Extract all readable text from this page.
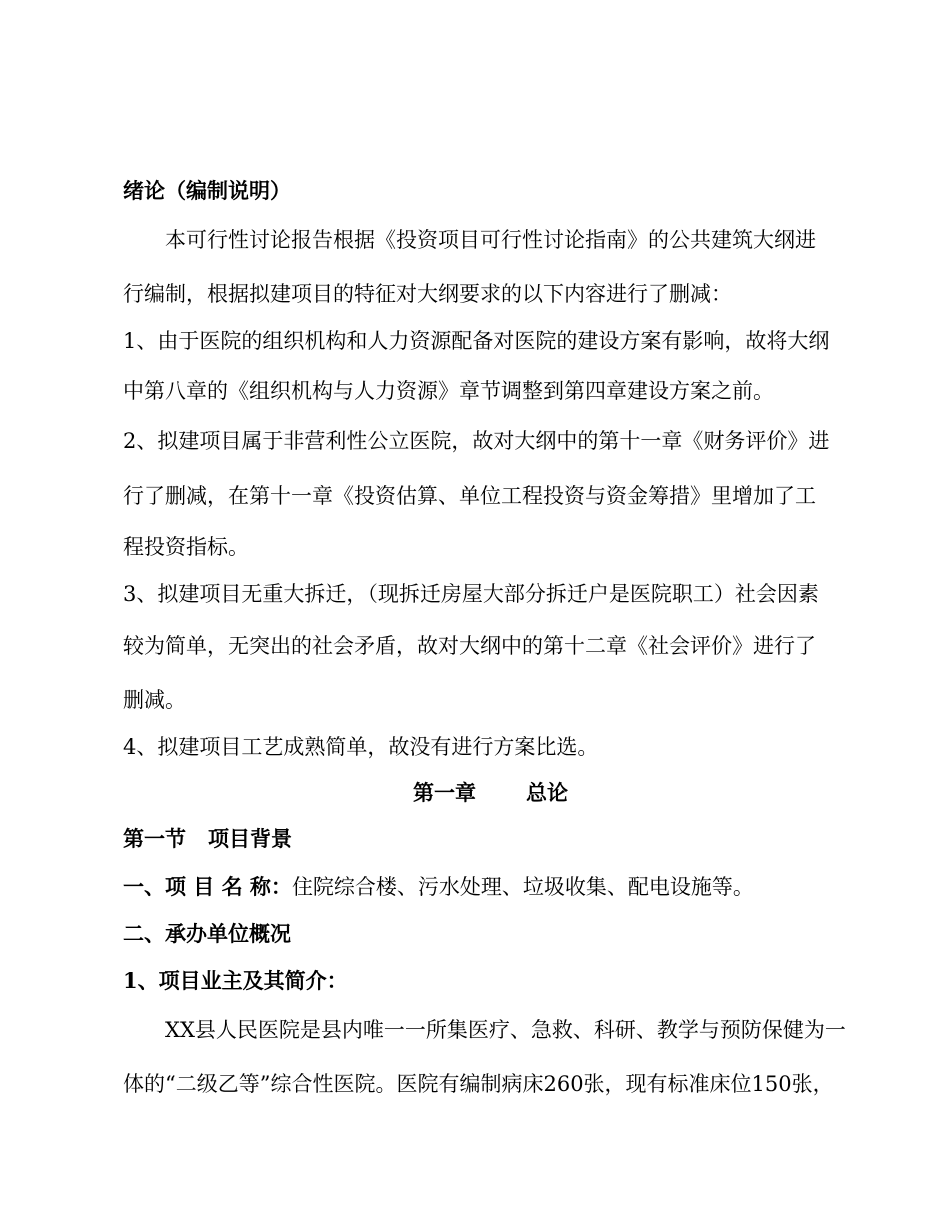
绪论（编制说明）
本可行性讨论报告根据《投资项目可行性讨论指南》的公共建筑大纲进
行编制，根据拟建项目的特征对大纲要求的以下内容进行了删减：
1、由于医院的组织机构和人力资源配备对医院的建设方案有影响，故将大纲
中第八章的《组织机构与人力资源》章节调整到第四章建设方案之前。
2、拟建项目属于非营利性公立医院，故对大纲中的第十一章《财务评价》进
行了删减，在第十一章《投资估算、单位工程投资与资金筹措》里增加了工
程投资指标。
3、拟建项目无重大拆迁，（现拆迁房屋大部分拆迁户是医院职工）社会因素
较为简单，无突出的社会矛盾，故对大纲中的第十二章《社会评价》进行了
删减。
4、拟建项目工艺成熟简单，故没有进行方案比选。
第一章 总论
第一节 项目背景
一、项 目 名 称：住院综合楼、污水处理、垃圾收集、配电设施等。
二、承办单位概况
1、项目业主及其简介：
XX县人民医院是县内唯一一所集医疗、急救、科研、教学与预防保健为一
体的“二级乙等”综合性医院。医院有编制病床260张，现有标准床位150张，
